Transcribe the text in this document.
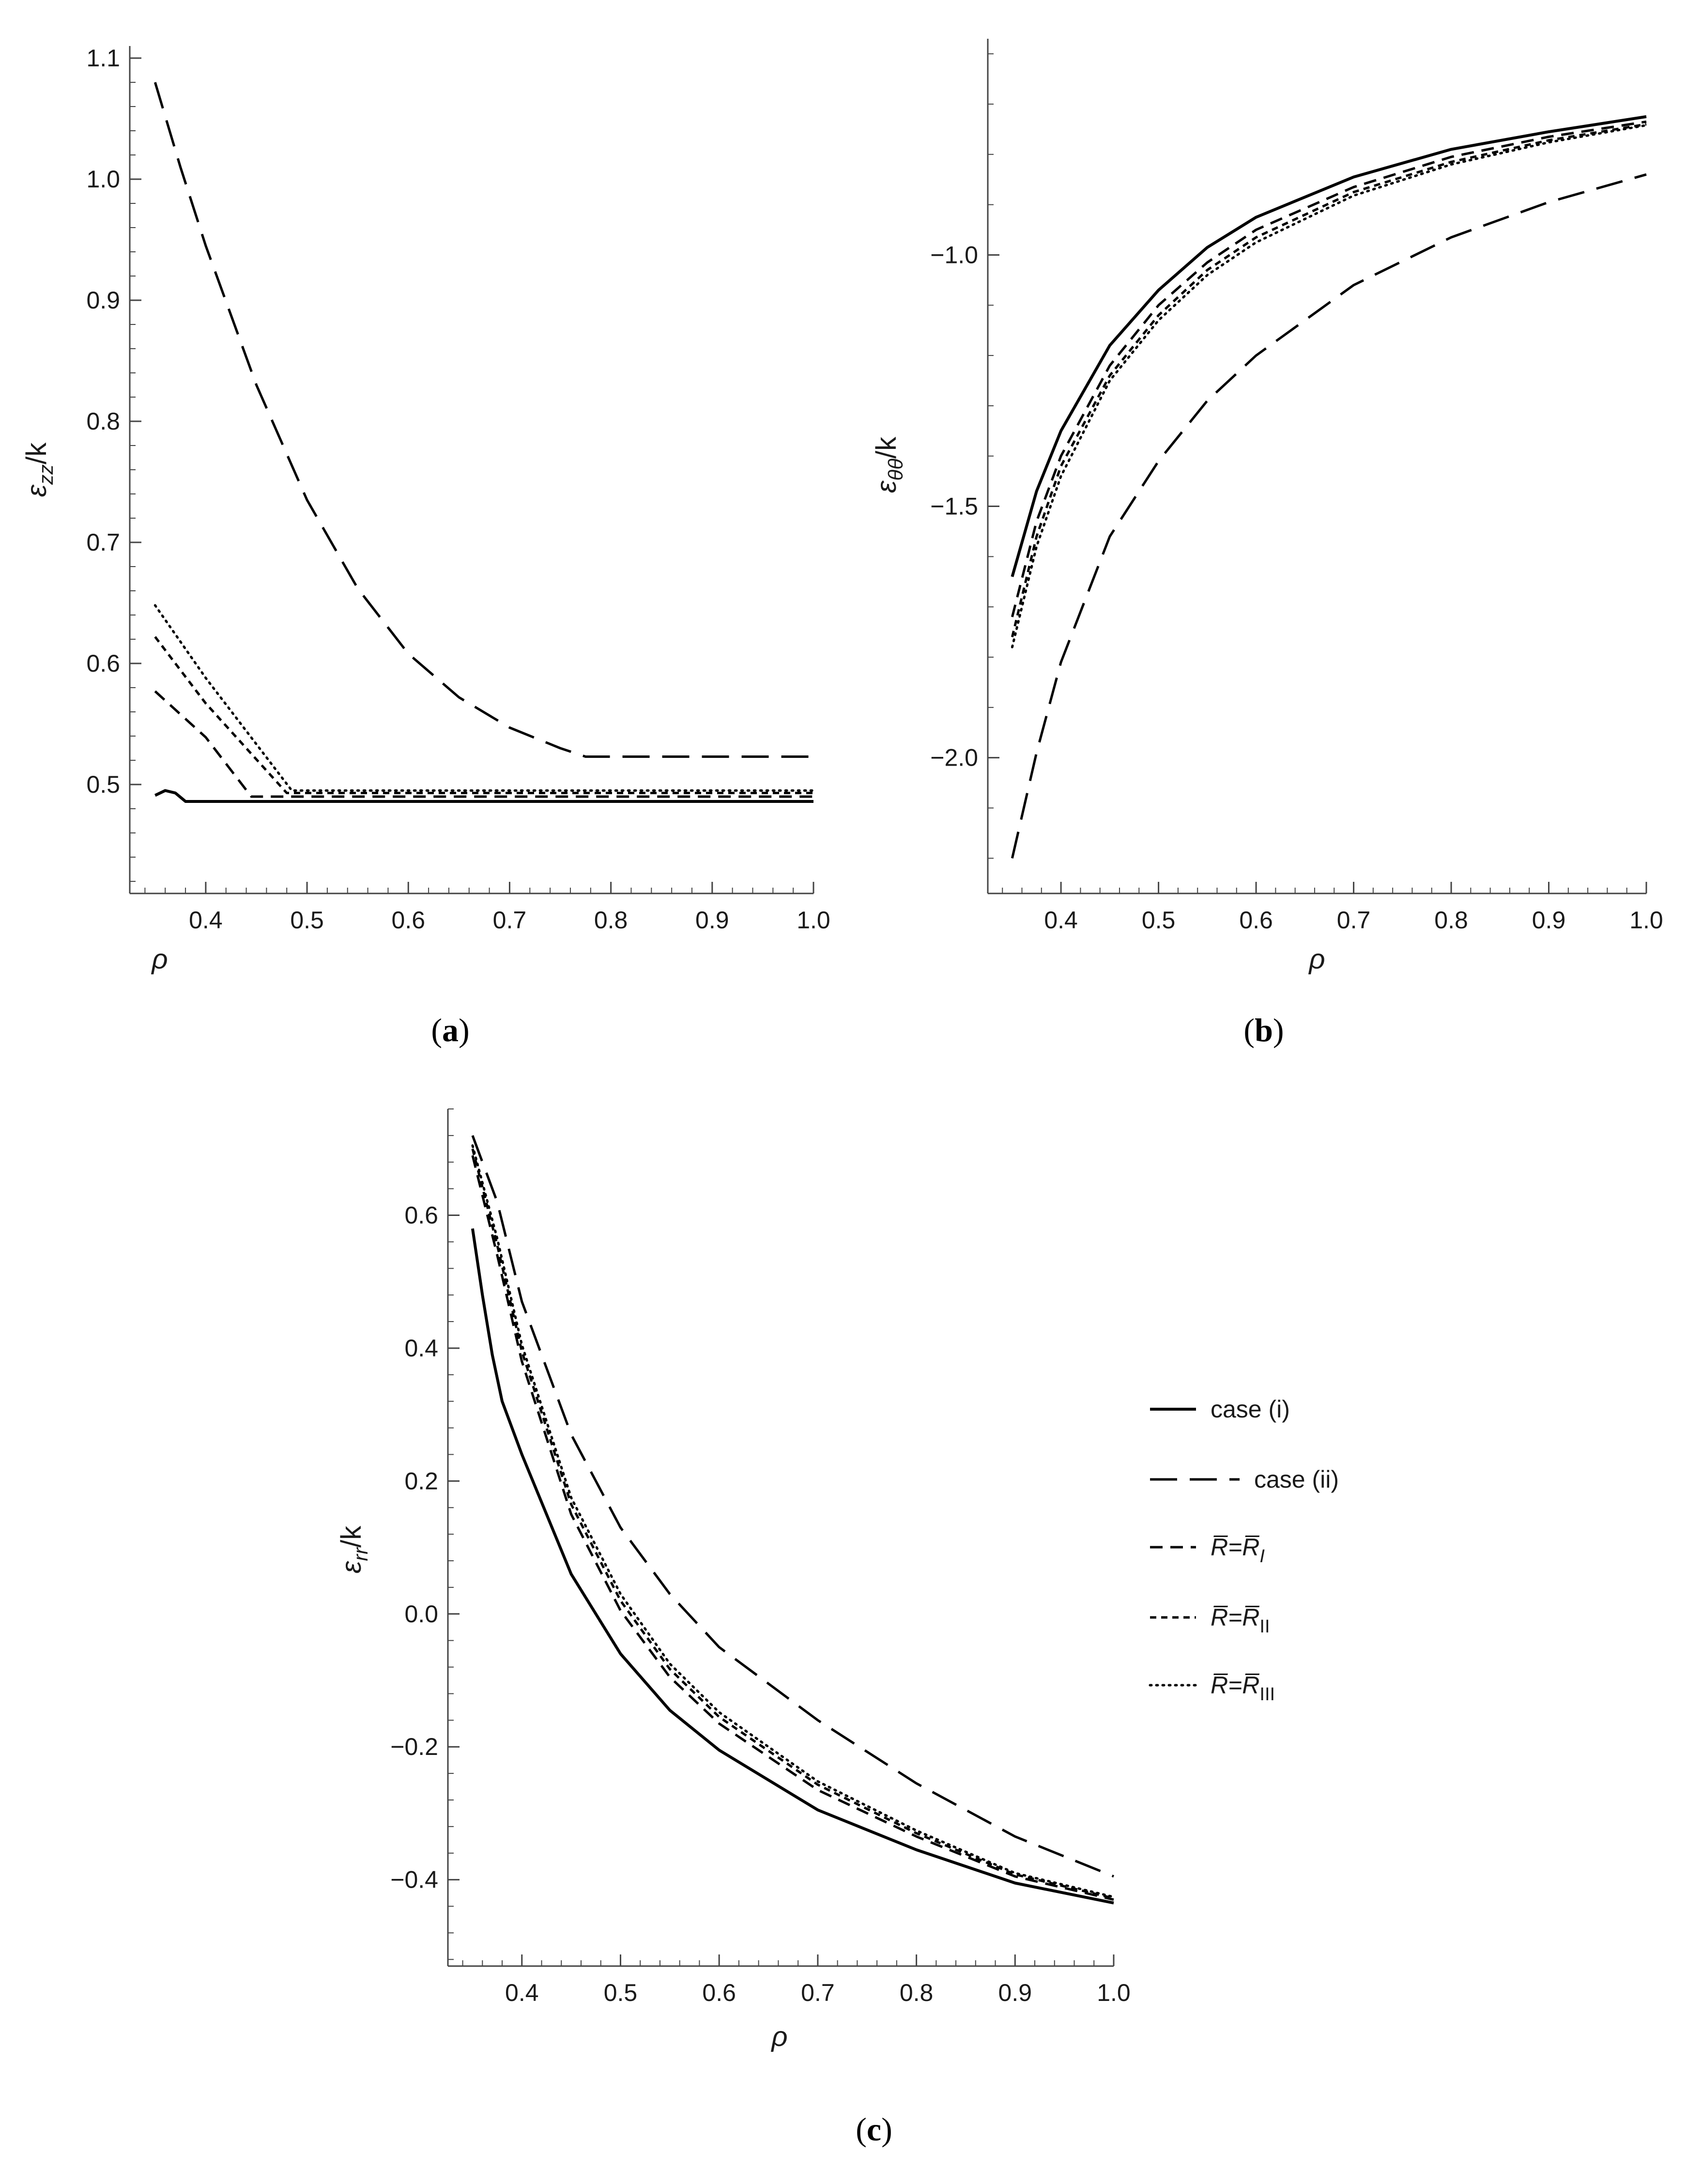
0.4	0.5	0.6	0.7	0.8	0.9	1.0
0.5
0.6
0.7
0.8
0.9
1.0
1.1
ρ
$\varepsilon_{zz}/k$
(a)
0.4	0.5	0.6	0.7	0.8	0.9	1.0
−2.0
−1.5
−1.0
ρ
$\varepsilon_{\theta\theta}/k$
(b)
0.4	0.5	0.6	0.7	0.8	0.9	1.0
−0.4
−0.2
0.0
0.2
0.4
0.6
ρ
$\varepsilon_{rr}/k$
(c)
case (i)
case (ii)
$R̅=R̅_I$
$R̅=R̅_{II}$
$R̅=R̅_{III}$
